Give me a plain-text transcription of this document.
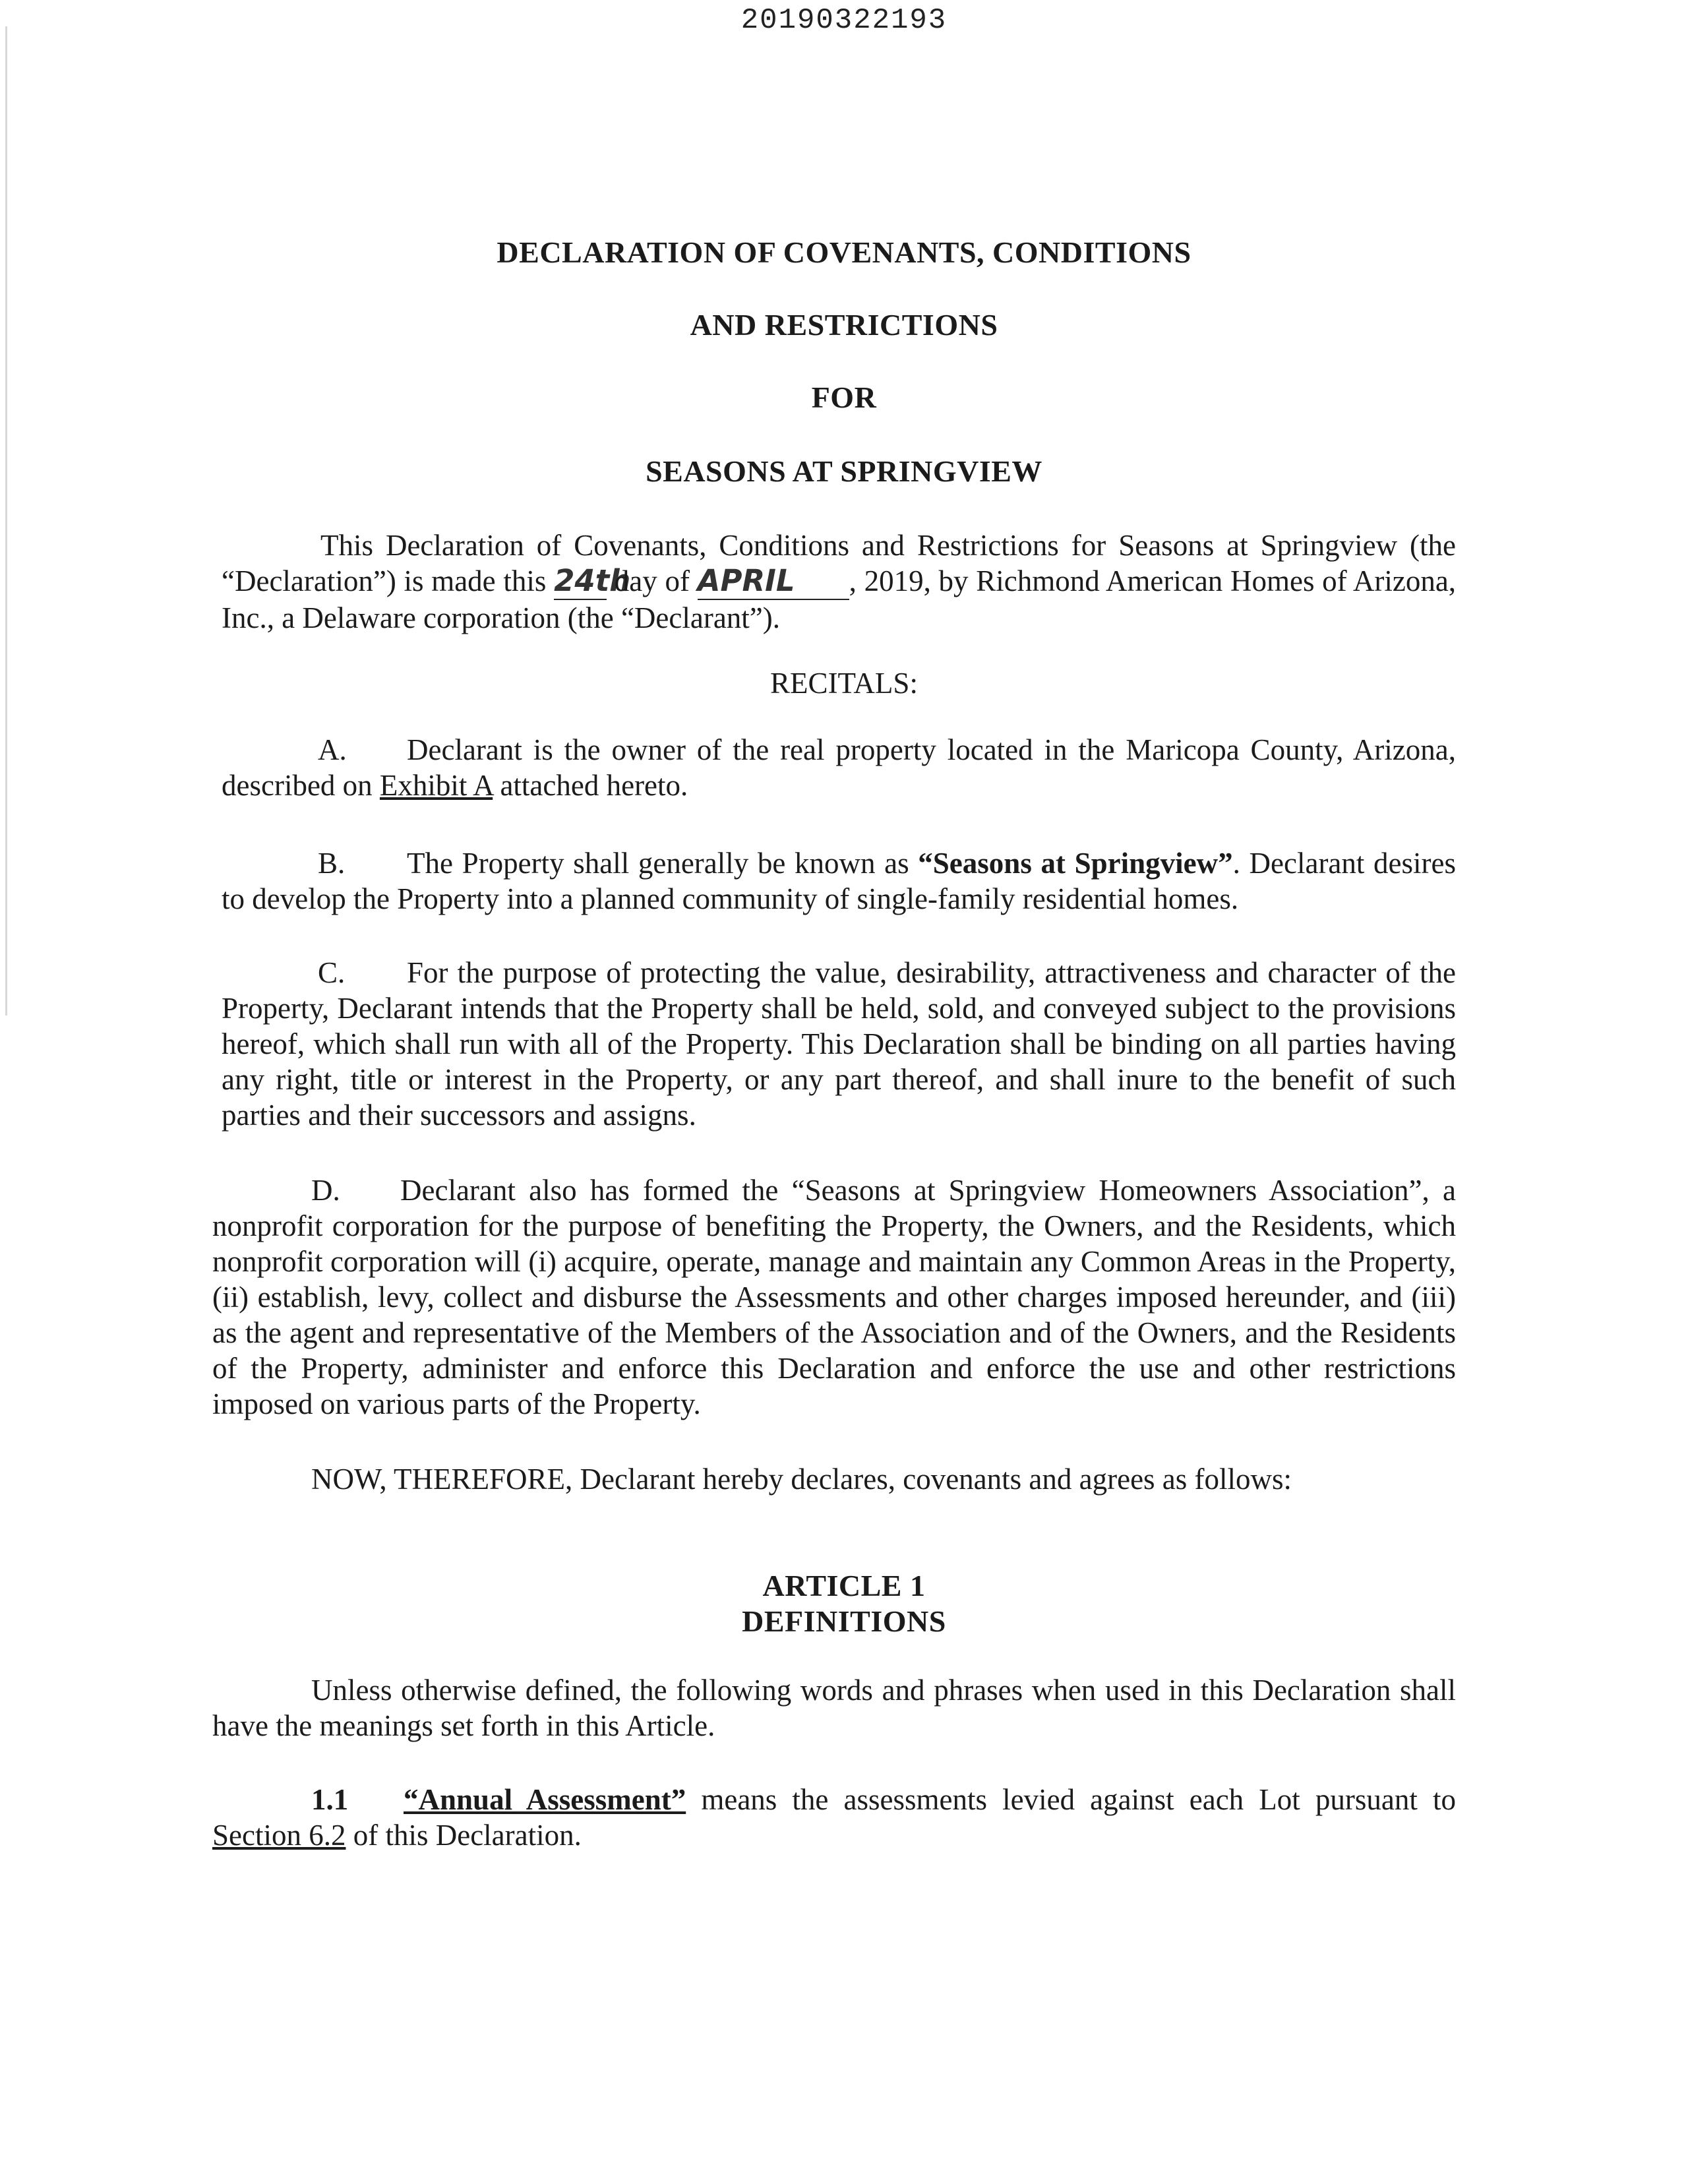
20190322193
DECLARATION OF COVENANTS, CONDITIONS
AND RESTRICTIONS
FOR
SEASONS AT SPRINGVIEW
This Declaration of Covenants, Conditions and Restrictions for Seasons at Springview (the “Declaration”) is made this 24th day of APRIL , 2019, by Richmond American Homes of Arizona, Inc., a Delaware corporation (the “Declarant”).
RECITALS:
A. Declarant is the owner of the real property located in the Maricopa County, Arizona, described on Exhibit A attached hereto.
B. The Property shall generally be known as “Seasons at Springview”. Declarant desires to develop the Property into a planned community of single-family residential homes.
C. For the purpose of protecting the value, desirability, attractiveness and character of the Property, Declarant intends that the Property shall be held, sold, and conveyed subject to the provisions hereof, which shall run with all of the Property. This Declaration shall be binding on all parties having any right, title or interest in the Property, or any part thereof, and shall inure to the benefit of such parties and their successors and assigns.
D. Declarant also has formed the “Seasons at Springview Homeowners Association”, a nonprofit corporation for the purpose of benefiting the Property, the Owners, and the Residents, which nonprofit corporation will (i) acquire, operate, manage and maintain any Common Areas in the Property, (ii) establish, levy, collect and disburse the Assessments and other charges imposed hereunder, and (iii) as the agent and representative of the Members of the Association and of the Owners, and the Residents of the Property, administer and enforce this Declaration and enforce the use and other restrictions imposed on various parts of the Property.
NOW, THEREFORE, Declarant hereby declares, covenants and agrees as follows:
ARTICLE 1
DEFINITIONS
Unless otherwise defined, the following words and phrases when used in this Declaration shall have the meanings set forth in this Article.
1.1 “Annual Assessment” means the assessments levied against each Lot pursuant to Section 6.2 of this Declaration.
